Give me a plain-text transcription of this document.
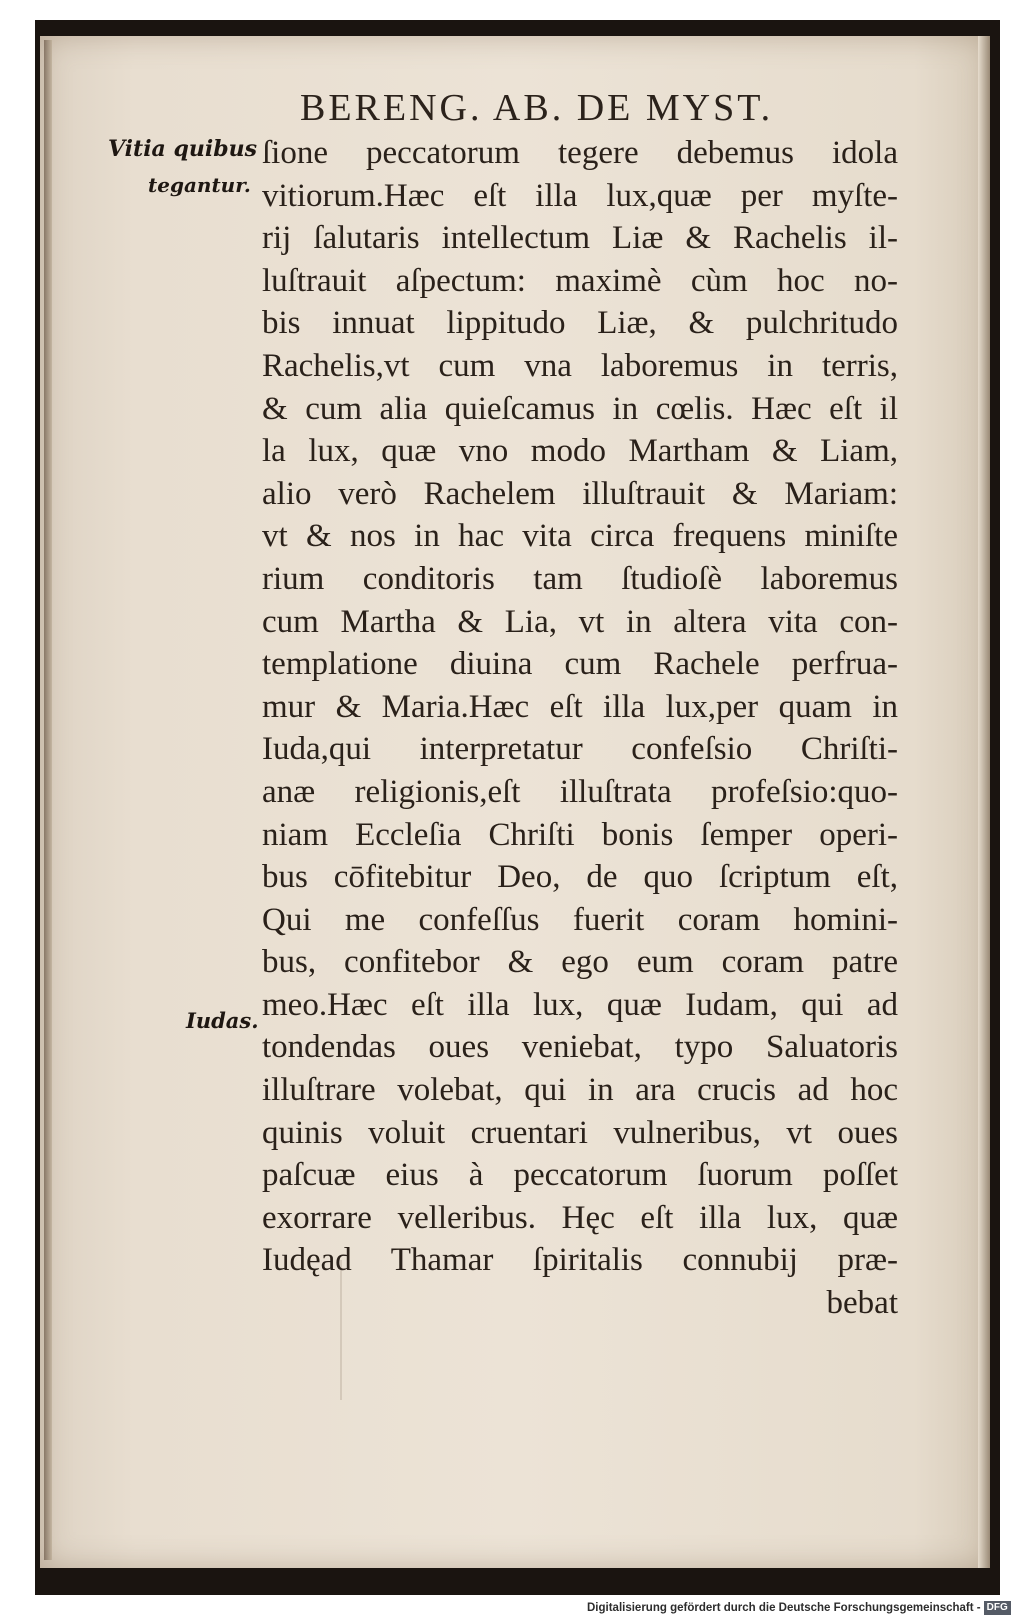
BERENG. AB. DE MYST.
Vitia quibus
tegantur.
Iudas.
ſione peccatorum tegere debemus idola
vitiorum.Hæc eſt illa lux,quæ per myſte-
rij ſalutaris intellectum Liæ & Rachelis il-
luſtrauit aſpectum: maximè cùm hoc no-
bis innuat lippitudo Liæ, & pulchritudo
Rachelis,vt cum vna laboremus in terris,
& cum alia quieſcamus in cœlis. Hæc eſt il
la lux, quæ vno modo Martham & Liam,
alio verò Rachelem illuſtrauit & Mariam:
vt & nos in hac vita circa frequens miniſte
rium conditoris tam ſtudioſè laboremus
cum Martha & Lia, vt in altera vita con-
templatione diuina cum Rachele perfrua-
mur & Maria.Hæc eſt illa lux,per quam in
Iuda,qui interpretatur confeſsio Chriſti-
anæ religionis,eſt illuſtrata profeſsio:quo-
niam Eccleſia Chriſti bonis ſemper operi-
bus cōfitebitur Deo, de quo ſcriptum eſt,
Qui me confeſſus fuerit coram homini-
bus, confitebor & ego eum coram patre
meo.Hæc eſt illa lux, quæ Iudam, qui ad
tondendas oues veniebat, typo Saluatoris
illuſtrare volebat, qui in ara crucis ad hoc
quinis voluit cruentari vulneribus, vt oues
paſcuæ eius à peccatorum ſuorum poſſet
exorrare velleribus. Hęc eſt illa lux, quæ
Iudęad Thamar ſpiritalis connubij præ-
bebat
Digitalisierung gefördert durch die Deutsche Forschungsgemeinschaft - DFG
